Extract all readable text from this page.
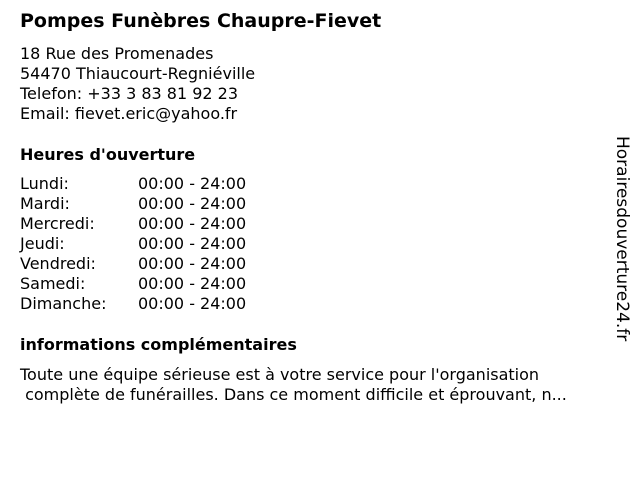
Pompes Funèbres Chaupre-Fievet
18 Rue des Promenades
54470 Thiaucourt-Regniéville
Telefon: +33 3 83 81 92 23
Email: fievet.eric@yahoo.fr
Heures d'ouverture
Lundi:	00:00 - 24:00
Mardi:	00:00 - 24:00
Mercredi:	00:00 - 24:00
Jeudi:	00:00 - 24:00
Vendredi:	00:00 - 24:00
Samedi:	00:00 - 24:00
Dimanche:	00:00 - 24:00
informations complémentaires
Toute une équipe sérieuse est à votre service pour l'organisation
complète de funérailles. Dans ce moment difficile et éprouvant, n...
Horairesdouverture24.fr
